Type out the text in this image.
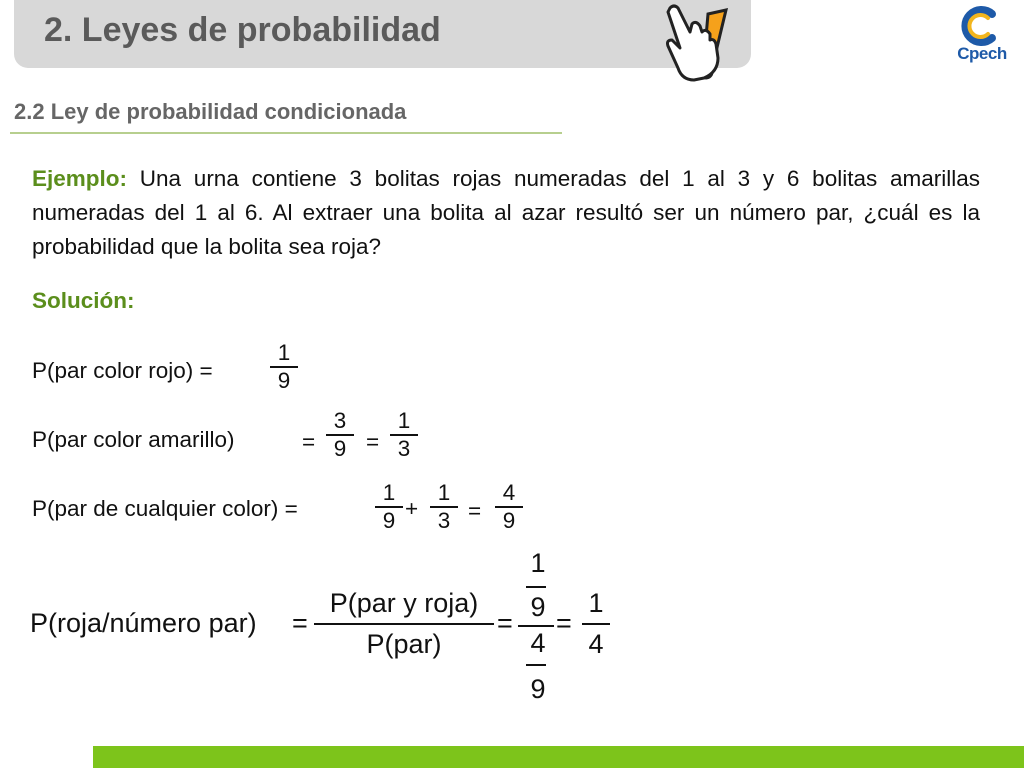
2. Leyes de probabilidad
Cpech
2.2 Ley de probabilidad condicionada
Ejemplo: Una urna contiene 3 bolitas rojas numeradas del 1 al 3 y 6 bolitas amarillas numeradas del 1 al 6. Al extraer una bolita al azar resultó ser un número par, ¿cuál es la probabilidad que la bolita sea roja?
Solución:
P(par color rojo) =
1
9
P(par color amarillo)	=
3
9 =
1
3
P(par de cualquier color) =
1
9 +
1
3 =
4
9
P(roja/número par) =
P(par y roja)
P(par)
=
1
9
4
9
=
1
4
